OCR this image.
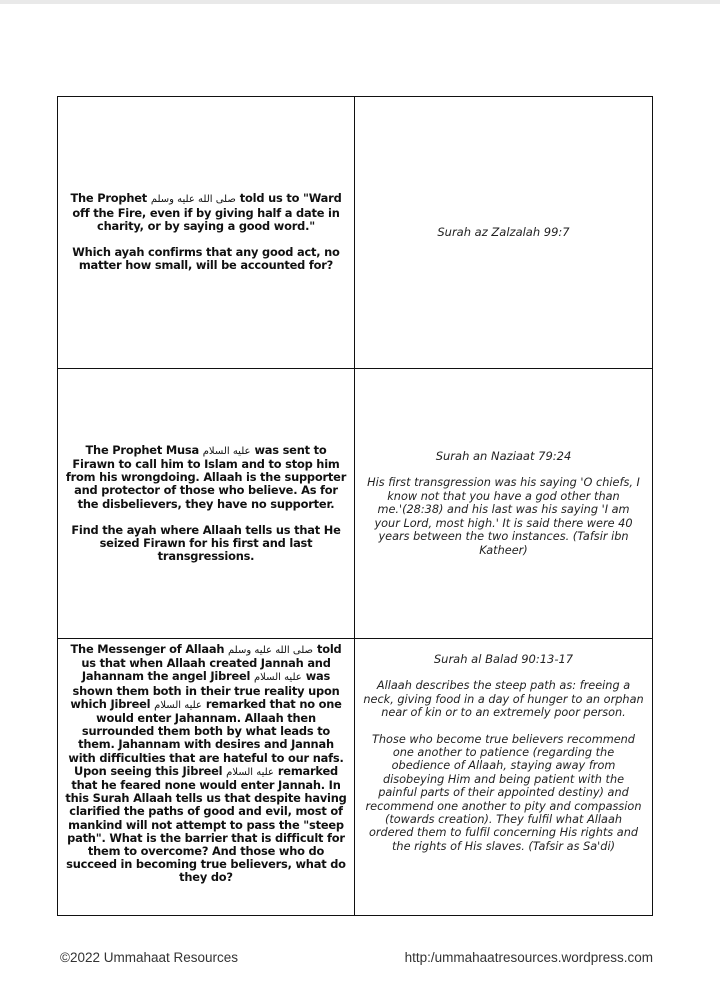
The Prophet صلى الله عليه وسلم told us to "Ward off the Fire, even if by giving half a date in charity, or by saying a good word."

Which ayah confirms that any good act, no matter how small, will be accounted for?

Surah az Zalzalah 99:7

The Prophet Musa عليه السلام was sent to Firawn to call him to Islam and to stop him from his wrongdoing. Allaah is the supporter and protector of those who believe. As for the disbelievers, they have no supporter.

Find the ayah where Allaah tells us that He seized Firawn for his first and last transgressions.

Surah an Naziaat 79:24

His first transgression was his saying 'O chiefs, I know not that you have a god other than me.'(28:38) and his last was his saying 'I am your Lord, most high.' It is said there were 40 years between the two instances. (Tafsir ibn Katheer)

The Messenger of Allaah صلى الله عليه وسلم told us that when Allaah created Jannah and Jahannam the angel Jibreel عليه السلام was shown them both in their true reality upon which Jibreel عليه السلام remarked that no one would enter Jahannam. Allaah then surrounded them both by what leads to them. Jahannam with desires and Jannah with difficulties that are hateful to our nafs. Upon seeing this Jibreel عليه السلام remarked that he feared none would enter Jannah. In this Surah Allaah tells us that despite having clarified the paths of good and evil, most of mankind will not attempt to pass the "steep path". What is the barrier that is difficult for them to overcome? And those who do succeed in becoming true believers, what do they do?

Surah al Balad 90:13-17

Allaah describes the steep path as: freeing a neck, giving food in a day of hunger to an orphan near of kin or to an extremely poor person.

Those who become true believers recommend one another to patience (regarding the obedience of Allaah, staying away from disobeying Him and being patient with the painful parts of their appointed destiny) and recommend one another to pity and compassion (towards creation). They fulfil what Allaah ordered them to fulfil concerning His rights and the rights of His slaves. (Tafsir as Sa'di)

©2022 Ummahaat Resources	http:/ummahaatresources.wordpress.com
